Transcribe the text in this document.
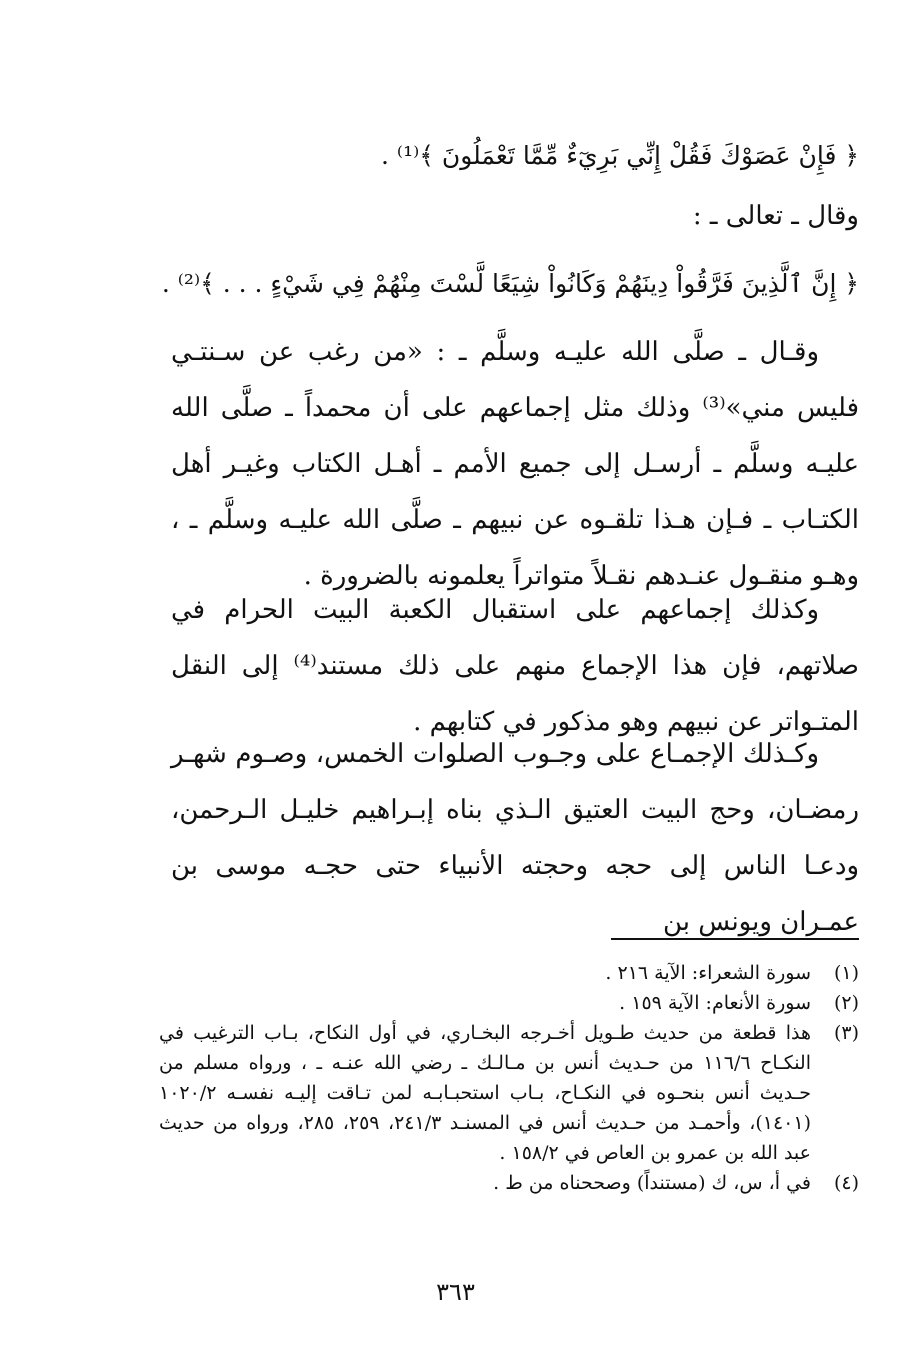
﴿ فَإِنْ عَصَوْكَ فَقُلْ إِنِّي بَرِيٓءٌ مِّمَّا تَعْمَلُونَ ﴾⁽¹⁾ .
وقال ـ تعالى ـ :
﴿ إِنَّ ٱلَّذِينَ فَرَّقُواْ دِينَهُمْ وَكَانُواْ شِيَعًا لَّسْتَ مِنْهُمْ فِي شَيْءٍ . . . ﴾⁽²⁾ .

وقـال ـ صلَّى الله عليـه وسلَّم ـ : «من رغب عن سـنتـي فليس مني»⁽³⁾ وذلك مثل إجماعهم على أن محمداً ـ صلَّى الله عليـه وسلَّم ـ أرسـل إلى جميع الأمم ـ أهـل الكتاب وغيـر أهل الكتـاب ـ فـإن هـذا تلقـوه عن نبيهم ـ صلَّى الله عليـه وسلَّم ـ ، وهـو منقـول عنـدهم نقـلاً متواتراً يعلمونه بالضرورة .

وكذلك إجماعهم على استقبال الكعبة البيت الحرام في صلاتهم، فإن هذا الإجماع منهم على ذلك مستند⁽⁴⁾ إلى النقل المتـواتر عن نبيهم وهو مذكور في كتابهم .

وكـذلك الإجمـاع على وجـوب الصلوات الخمس، وصـوم شهـر رمضـان، وحج البيت العتيق الـذي بناه إبـراهيم خليـل الـرحمن، ودعـا الناس إلى حجه وحجته الأنبياء حتى حجـه موسى بن عمـران ويونس بن

(١)
سورة الشعراء: الآية ٢١٦ .
(٢)
سورة الأنعام: الآية ١٥٩ .
(٣)
هذا قطعة من حديث طـويل أخـرجه البخـاري، في أول النكاح، بـاب الترغيب في النكـاح ١١٦/٦ من حـديث أنس بن مـالـك ـ رضي الله عنـه ـ ، ورواه مسلم من حـديث أنس بنحـوه في النكـاح، بـاب استحبـابـه لمن تـاقت إليـه نفسـه ١٠٢٠/٢ (١٤٠١)، وأحمـد من حـديث أنس في المسنـد ٢٤١/٣، ٢٥٩، ٢٨٥، ورواه من حديث عبد الله بن عمرو بن العاص في ١٥٨/٢ .
(٤)
في أ، س، ك (مستنداً) وصححناه من ط .
٣٦٣
